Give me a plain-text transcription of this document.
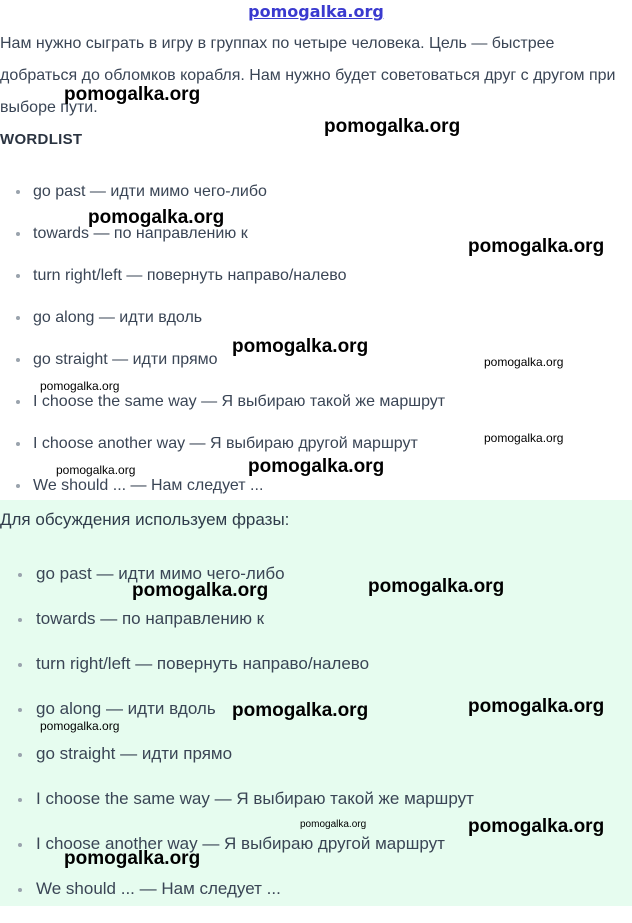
pomogalka.org

Нам нужно сыграть в игру в группах по четыре человека. Цель — быстрее добраться до обломков корабля. Нам нужно будет советоваться друг с другом при выборе пути.

WORDLIST
go past — идти мимо чего-либо
towards — по направлению к
turn right/left — повернуть направо/налево
go along — идти вдоль
go straight — идти прямо
I choose the same way — Я выбираю такой же маршрут
I choose another way — Я выбираю другой маршрут
We should ... — Нам следует ...
Для обсуждения используем фразы:
go past — идти мимо чего-либо
towards — по направлению к
turn right/left — повернуть направо/налево
go along — идти вдоль
go straight — идти прямо
I choose the same way — Я выбираю такой же маршрут
I choose another way — Я выбираю другой маршрут
We should ... — Нам следует ...
pomogalka.org
pomogalka.org
pomogalka.org
pomogalka.org
pomogalka.org
pomogalka.org
pomogalka.org
pomogalka.org
pomogalka.org
pomogalka.org
pomogalka.org
pomogalka.org
pomogalka.org
pomogalka.org
pomogalka.org
pomogalka.org	pomogalka.org
pomogalka.org
